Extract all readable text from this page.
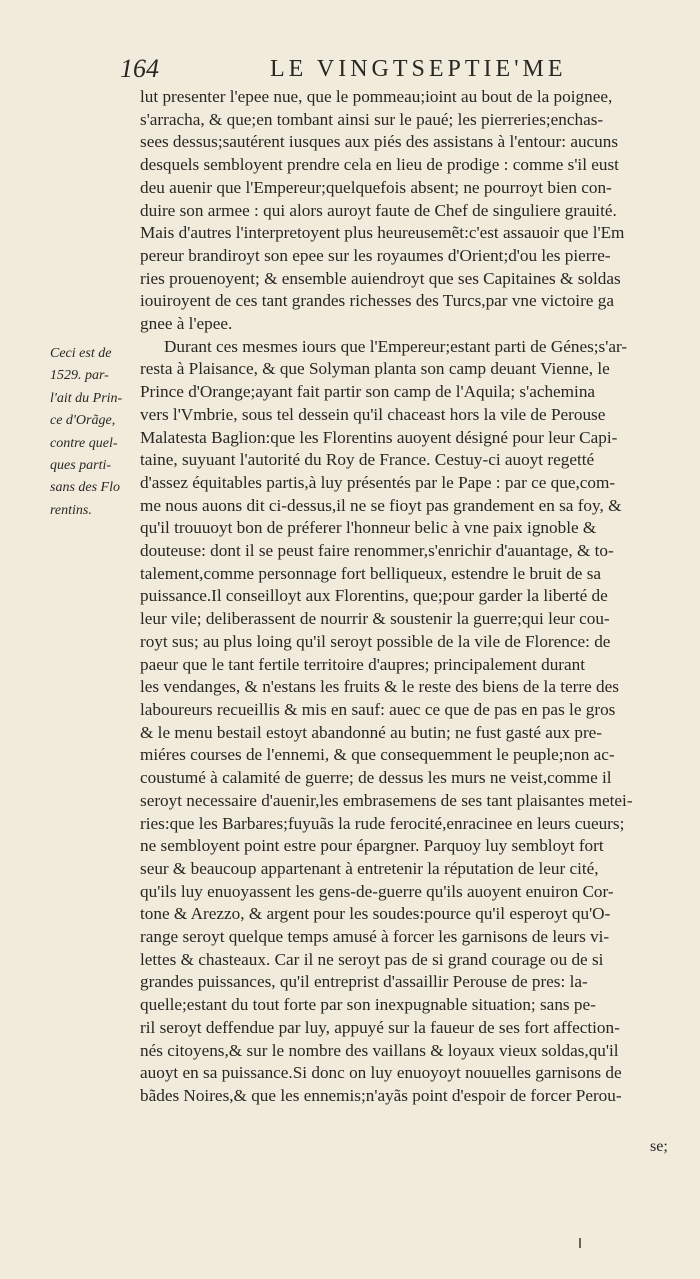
164	LE VINGTSEPTIE'ME
Ceci est de
1529. par-
l'ait du Prin-
ce d'Orãge,
contre quel-
ques parti-
sans des Flo
rentins.
lut presenter l'epee nue, que le pommeau;ioint au bout de la poignee,
s'arracha, & que;en tombant ainsi sur le paué; les pierreries;enchas-
sees dessus;sautérent iusques aux piés des assistans à l'entour: aucuns
desquels sembloyent prendre cela en lieu de prodige : comme s'il eust
deu auenir que l'Empereur;quelquefois absent; ne pourroyt bien con-
duire son armee : qui alors auroyt faute de Chef de singuliere grauité.
Mais d'autres l'interpretoyent plus heureusemẽt:c'est assauoir que l'Em
pereur brandiroyt son epee sur les royaumes d'Orient;d'ou les pierre-
ries prouenoyent; & ensemble auiendroyt que ses Capitaines & soldas
iouiroyent de ces tant grandes richesses des Turcs,par vne victoire ga
gnee à l'epee.
Durant ces mesmes iours que l'Empereur;estant parti de Génes;s'ar-
resta à Plaisance, & que Solyman planta son camp deuant Vienne, le
Prince d'Orange;ayant fait partir son camp de l'Aquila; s'achemina
vers l'Vmbrie, sous tel dessein qu'il chaceast hors la vile de Perouse
Malatesta Baglion:que les Florentins auoyent désigné pour leur Capi-
taine, suyuant l'autorité du Roy de France. Cestuy-ci auoyt regetté
d'assez équitables partis,à luy présentés par le Pape : par ce que,com-
me nous auons dit ci-dessus,il ne se fioyt pas grandement en sa foy, &
qu'il trouuoyt bon de préferer l'honneur belic à vne paix ignoble &
douteuse: dont il se peust faire renommer,s'enrichir d'auantage, & to-
talement,comme personnage fort belliqueux, estendre le bruit de sa
puissance.Il conseilloyt aux Florentins, que;pour garder la liberté de
leur vile; deliberassent de nourrir & soustenir la guerre;qui leur cou-
royt sus; au plus loing qu'il seroyt possible de la vile de Florence: de
paeur que le tant fertile territoire d'aupres; principalement durant
les vendanges, & n'estans les fruits & le reste des biens de la terre des
laboureurs recueillis & mis en sauf: auec ce que de pas en pas le gros
& le menu bestail estoyt abandonné au butin; ne fust gasté aux pre-
miéres courses de l'ennemi, & que consequemment le peuple;non ac-
coustumé à calamité de guerre; de dessus les murs ne veist,comme il
seroyt necessaire d'auenir,les embrasemens de ses tant plaisantes metei-
ries:que les Barbares;fuyuãs la rude ferocité,enracinee en leurs cueurs;
ne sembloyent point estre pour épargner. Parquoy luy sembloyt fort
seur & beaucoup appartenant à entretenir la réputation de leur cité,
qu'ils luy enuoyassent les gens-de-guerre qu'ils auoyent enuiron Cor-
tone & Arezzo, & argent pour les soudes:pource qu'il esperoyt qu'O-
range seroyt quelque temps amusé à forcer les garnisons de leurs vi-
lettes & chasteaux. Car il ne seroyt pas de si grand courage ou de si
grandes puissances, qu'il entreprist d'assaillir Perouse de pres: la-
quelle;estant du tout forte par son inexpugnable situation; sans pe-
ril seroyt deffendue par luy, appuyé sur la faueur de ses fort affection-
nés citoyens,& sur le nombre des vaillans & loyaux vieux soldas,qu'il
auoyt en sa puissance.Si donc on luy enuoyoyt nouuelles garnisons de
bãdes Noires,& que les ennemis;n'ayãs point d'espoir de forcer Perou-
se;
